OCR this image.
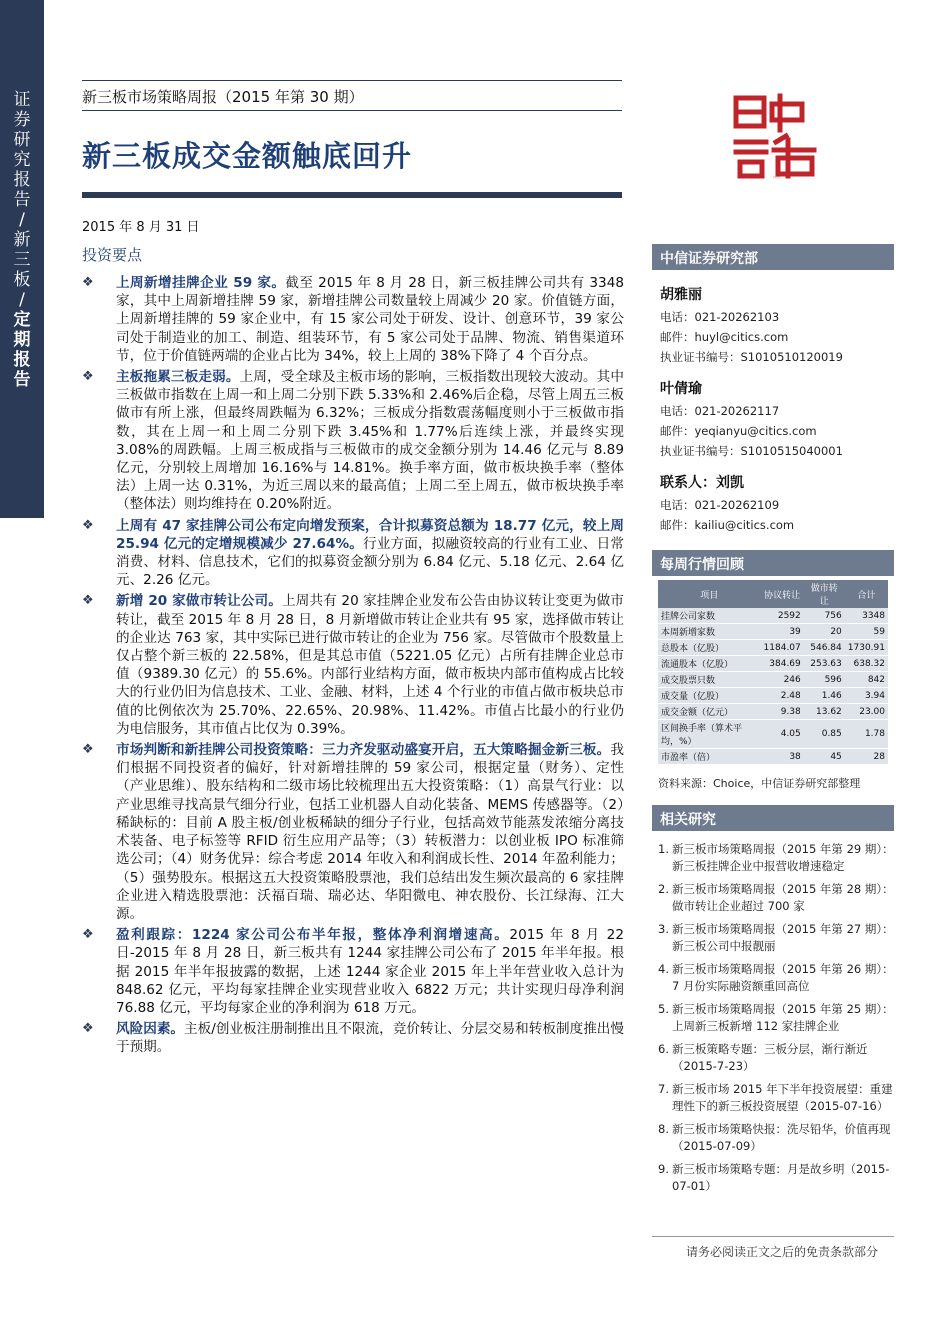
证券研究报告
/
新三板
/
定期报告
新三板市场策略周报（2015 年第 30 期）
新三板成交金额触底回升
中信證券
2015 年 8 月 31 日
投资要点
❖	上周新增挂牌企业 59 家。截至 2015 年 8 月 28 日，新三板挂牌公司共有 3348 家，其中上周新增挂牌 59 家，新增挂牌公司数量较上周减少 20 家。价值链方面，上周新增挂牌的 59 家企业中，有 15 家公司处于研发、设计、创意环节，39 家公司处于制造业的加工、制造、组装环节，有 5 家公司处于品牌、物流、销售渠道环节，位于价值链两端的企业占比为 34%，较上上周的 38%下降了 4 个百分点。
❖	主板拖累三板走弱。上周，受全球及主板市场的影响，三板指数出现较大波动。其中三板做市指数在上周一和上周二分别下跌 5.33%和 2.46%后企稳，尽管上周五三板做市有所上涨，但最终周跌幅为 6.32%；三板成分指数震荡幅度则小于三板做市指数，其在上周一和上周二分别下跌 3.45%和 1.77%后连续上涨，并最终实现 3.08%的周跌幅。上周三板成指与三板做市的成交金额分别为 14.46 亿元与 8.89 亿元，分别较上周增加 16.16%与 14.81%。换手率方面，做市板块换手率（整体法）上周一达 0.31%，为近三周以来的最高值；上周二至上周五，做市板块换手率（整体法）则均维持在 0.20%附近。
❖	上周有 47 家挂牌公司公布定向增发预案，合计拟募资总额为 18.77 亿元，较上周 25.94 亿元的定增规模减少 27.64%。行业方面，拟融资较高的行业有工业、日常消费、材料、信息技术，它们的拟募资金额分别为 6.84 亿元、5.18 亿元、2.64 亿元、2.26 亿元。
❖	新增 20 家做市转让公司。上周共有 20 家挂牌企业发布公告由协议转让变更为做市转让，截至 2015 年 8 月 28 日，8 月新增做市转让企业共有 95 家，选择做市转让的企业达 763 家，其中实际已进行做市转让的企业为 756 家。尽管做市个股数量上仅占整个新三板的 22.58%，但是其总市值（5221.05 亿元）占所有挂牌企业总市值（9389.30 亿元）的 55.6%。内部行业结构方面，做市板块内部市值构成占比较大的行业仍旧为信息技术、工业、金融、材料，上述 4 个行业的市值占做市板块总市值的比例依次为 25.70%、22.65%、20.98%、11.42%。市值占比最小的行业仍为电信服务，其市值占比仅为 0.39%。
❖	市场判断和新挂牌公司投资策略：三力齐发驱动盛宴开启，五大策略掘金新三板。我们根据不同投资者的偏好，针对新增挂牌的 59 家公司，根据定量（财务）、定性（产业思维）、股东结构和二级市场比较梳理出五大投资策略：（1）高景气行业：以产业思维寻找高景气细分行业，包括工业机器人自动化装备、MEMS 传感器等。（2）稀缺标的：目前 A 股主板/创业板稀缺的细分子行业，包括高效节能蒸发浓缩分离技术装备、电子标签等 RFID 衍生应用产品等；（3）转板潜力：以创业板 IPO 标准筛选公司；（4）财务优异：综合考虑 2014 年收入和利润成长性、2014 年盈利能力；（5）强势股东。根据这五大投资策略股票池，我们总结出发生频次最高的 6 家挂牌企业进入精选股票池：沃福百瑞、瑞必达、华阳微电、神农股份、长江绿海、江大源。
❖	盈利跟踪：1224 家公司公布半年报，整体净利润增速高。2015 年 8 月 22 日-2015 年 8 月 28 日，新三板共有 1244 家挂牌公司公布了 2015 年半年报。根据 2015 年半年报披露的数据，上述 1244 家企业 2015 年上半年营业收入总计为 848.62 亿元，平均每家挂牌企业实现营业收入 6822 万元；共计实现归母净利润 76.88 亿元，平均每家企业的净利润为 618 万元。
❖	风险因素。主板/创业板注册制推出且不限流，竞价转让、分层交易和转板制度推出慢于预期。
中信证券研究部
胡雅丽
电话：021-20262103
邮件：huyl@citics.com
执业证书编号：S1010510120019
叶倩瑜
电话：021-20262117
邮件：yeqianyu@citics.com
执业证书编号：S1010515040001
联系人：刘凯
电话：021-20262109
邮件：kailiu@citics.com
每周行情回顾
项目	协议转让	做市转让	合计
挂牌公司家数	2592	756	3348
本周新增家数	39	20	59
总股本（亿股）	1184.07	546.84	1730.91
流通股本（亿股）	384.69	253.63	638.32
成交股票只数	246	596	842
成交量（亿股）	2.48	1.46	3.94
成交金额（亿元）	9.38	13.62	23.00
区间换手率（算术平均，%）	4.05	0.85	1.78
市盈率（倍）	38	45	28
资料来源：Choice，中信证券研究部整理
相关研究
1. 新三板市场策略周报（2015 年第 29 期）：新三板挂牌企业中报营收增速稳定
2. 新三板市场策略周报（2015 年第 28 期）：做市转让企业超过 700 家
3. 新三板市场策略周报（2015 年第 27 期）：新三板公司中报靓丽
4. 新三板市场策略周报（2015 年第 26 期）：7 月份实际融资额重回高位
5. 新三板市场策略周报（2015 年第 25 期）：上周新三板新增 112 家挂牌企业
6. 新三板策略专题：三板分层，渐行渐近（2015-7-23）
7. 新三板市场 2015 年下半年投资展望：重建理性下的新三板投资展望（2015-07-16）
8. 新三板市场策略快报：洗尽铅华，价值再现（2015-07-09）
9. 新三板市场策略专题：月是故乡明（2015-07-01）
请务必阅读正文之后的免责条款部分
